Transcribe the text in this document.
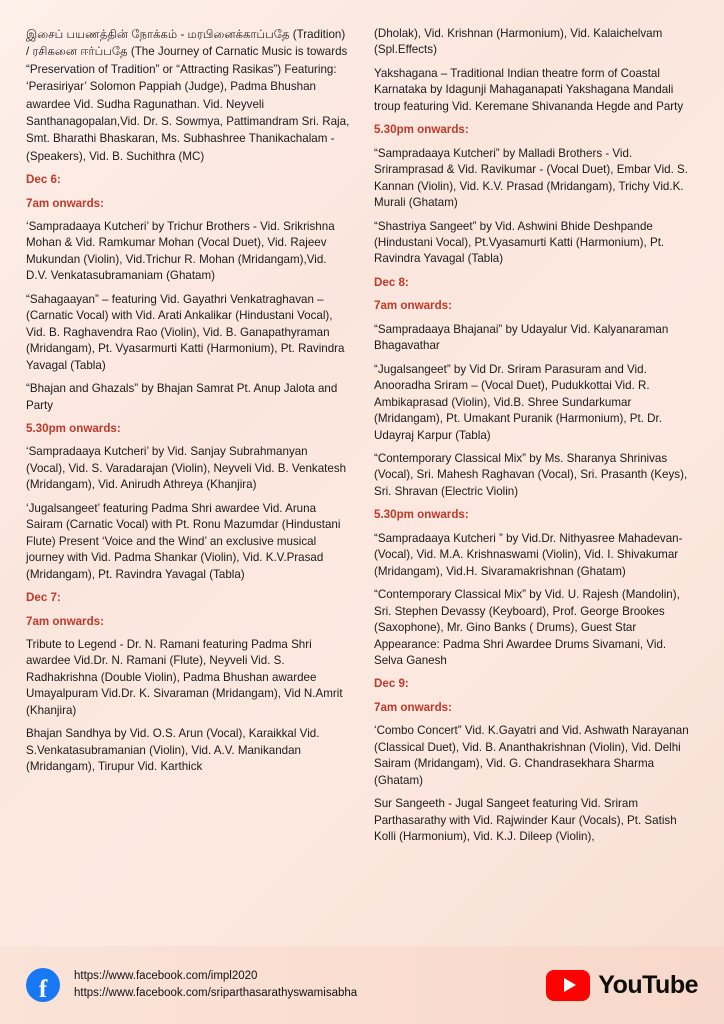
இசைப் பயணத்தின் நோக்கம் - மரபினைக்காப்பதே (Tradition) / ரசிகனை ஈர்ப்பதே (The Journey of Carnatic Music is towards “Preservation of Tradition” or “Attracting Rasikas”) Featuring: ‘Perasiriyar’ Solomon Pappiah (Judge), Padma Bhushan awardee Vid. Sudha Ragunathan. Vid. Neyveli Santhanagopalan,Vid. Dr. S. Sowmya, Pattimandram Sri. Raja, Smt. Bharathi Bhaskaran, Ms. Subhashree Thanikachalam - (Speakers), Vid. B. Suchithra (MC)

Dec 6:

7am onwards:

‘Sampradaaya Kutcheri’ by Trichur Brothers - Vid. Srikrishna Mohan & Vid. Ramkumar Mohan (Vocal Duet), Vid. Rajeev Mukundan (Violin), Vid.Trichur R. Mohan (Mridangam),Vid. D.V. Venkatasubramaniam (Ghatam)

“Sahagaayan” – featuring Vid. Gayathri Venkatraghavan – (Carnatic Vocal) with Vid. Arati Ankalikar (Hindustani Vocal), Vid. B. Raghavendra Rao (Violin), Vid. B. Ganapathyraman (Mridangam), Pt. Vyasarmurti Katti (Harmonium), Pt. Ravindra Yavagal (Tabla)

“Bhajan and Ghazals” by Bhajan Samrat Pt. Anup Jalota and Party

5.30pm onwards:

‘Sampradaaya Kutcheri’ by Vid. Sanjay Subrahmanyan (Vocal), Vid. S. Varadarajan (Violin), Neyveli Vid. B. Venkatesh (Mridangam), Vid. Anirudh Athreya (Khanjira)

‘Jugalsangeet’ featuring Padma Shri awardee Vid. Aruna Sairam (Carnatic Vocal) with Pt. Ronu Mazumdar (Hindustani Flute) Present ‘Voice and the Wind’ an exclusive musical journey with Vid. Padma Shankar (Violin), Vid. K.V.Prasad (Mridangam), Pt. Ravindra Yavagal (Tabla)

Dec 7:

7am onwards:

Tribute to Legend - Dr. N. Ramani featuring Padma Shri awardee Vid.Dr. N. Ramani (Flute), Neyveli Vid. S. Radhakrishna (Double Violin), Padma Bhushan awardee Umayalpuram Vid.Dr. K. Sivaraman (Mridangam), Vid N.Amrit (Khanjira)

Bhajan Sandhya by Vid. O.S. Arun (Vocal), Karaikkal Vid. S.Venkatasubramanian (Violin), Vid. A.V. Manikandan (Mridangam), Tirupur Vid. Karthick

(Dholak), Vid. Krishnan (Harmonium), Vid. Kalaichelvam (Spl.Effects)

Yakshagana – Traditional Indian theatre form of Coastal Karnataka by Idagunji Mahaganapati Yakshagana Mandali troup featuring Vid. Keremane Shivananda Hegde and Party

5.30pm onwards:

“Sampradaaya Kutcheri” by Malladi Brothers - Vid. Sriramprasad & Vid. Ravikumar - (Vocal Duet), Embar Vid. S. Kannan (Violin), Vid. K.V. Prasad (Mridangam), Trichy Vid.K. Murali (Ghatam)

“Shastriya Sangeet” by Vid. Ashwini Bhide Deshpande (Hindustani Vocal), Pt.Vyasamurti Katti (Harmonium), Pt. Ravindra Yavagal (Tabla)

Dec 8:

7am onwards:

“Sampradaaya Bhajanai” by Udayalur Vid. Kalyanaraman Bhagavathar

“Jugalsangeet” by Vid Dr. Sriram Parasuram and Vid. Anooradha Sriram – (Vocal Duet), Pudukkottai Vid. R. Ambikaprasad (Violin), Vid.B. Shree Sundarkumar (Mridangam), Pt. Umakant Puranik (Harmonium), Pt. Dr. Udayraj Karpur (Tabla)

“Contemporary Classical Mix” by Ms. Sharanya Shrinivas (Vocal), Sri. Mahesh Raghavan (Vocal), Sri. Prasanth (Keys), Sri. Shravan (Electric Violin)

5.30pm onwards:

“Sampradaaya Kutcheri ” by Vid.Dr. Nithyasree Mahadevan- (Vocal), Vid. M.A. Krishnaswami (Violin), Vid. I. Shivakumar (Mridangam), Vid.H. Sivaramakrishnan (Ghatam)

“Contemporary Classical Mix” by Vid. U. Rajesh (Mandolin), Sri. Stephen Devassy (Keyboard), Prof. George Brookes (Saxophone), Mr. Gino Banks ( Drums), Guest Star Appearance: Padma Shri Awardee Drums Sivamani, Vid. Selva Ganesh

Dec 9:

7am onwards:

‘Combo Concert” Vid. K.Gayatri and Vid. Ashwath Narayanan (Classical Duet), Vid. B. Ananthakrishnan (Violin), Vid. Delhi Sairam (Mridangam), Vid. G. Chandrasekhara Sharma (Ghatam)

Sur Sangeeth - Jugal Sangeet featuring Vid. Sriram Parthasarathy with Vid. Rajwinder Kaur (Vocals), Pt. Satish Kolli (Harmonium), Vid. K.J. Dileep (Violin),

f
https://www.facebook.com/impl2020
https://www.facebook.com/sriparthasarathyswamisabha	YouTube
